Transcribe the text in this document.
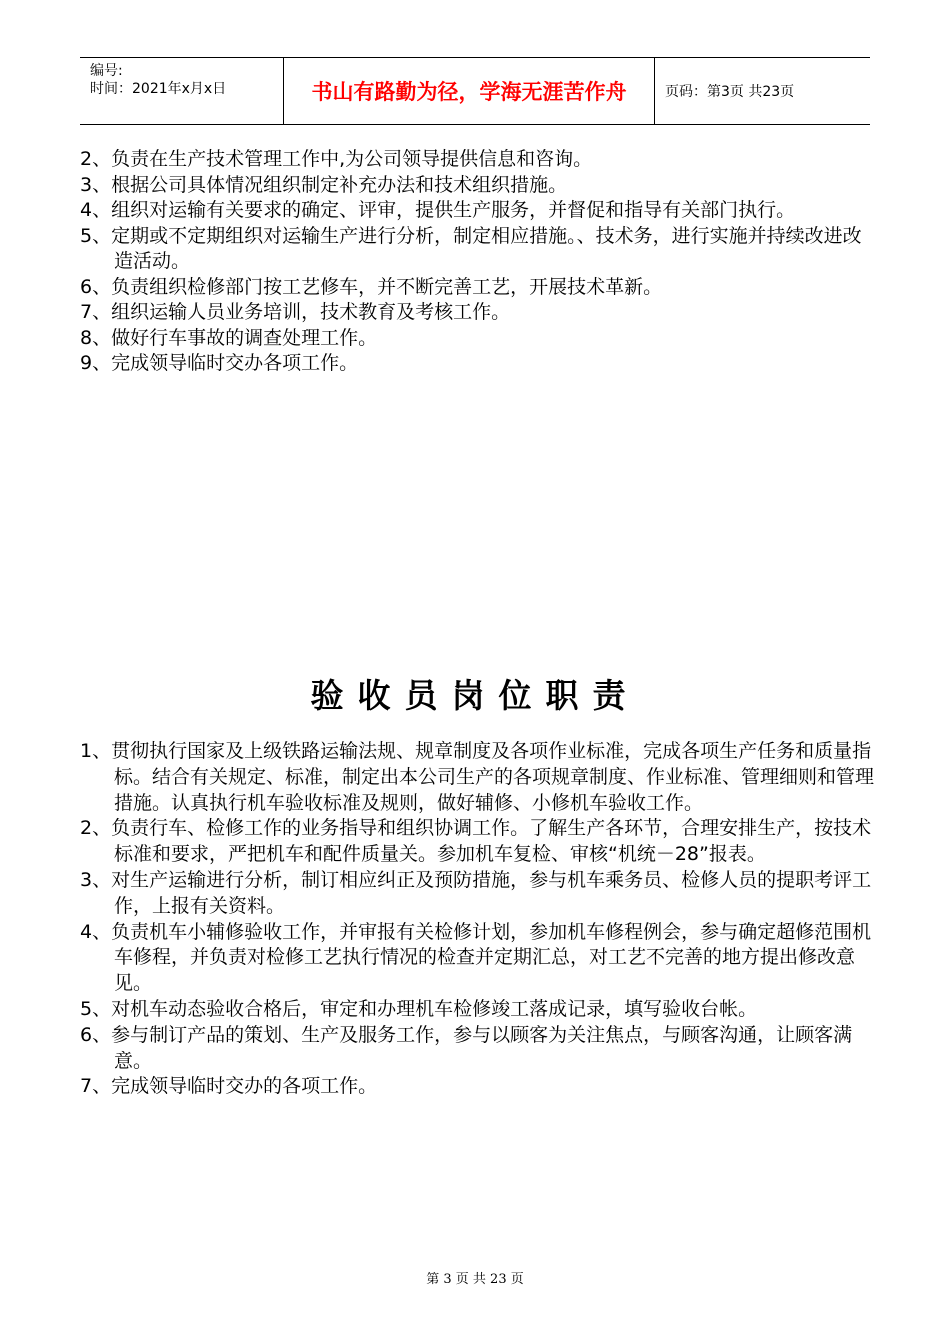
编号:
时间：2021年x月x日	书山有路勤为径，学海无涯苦作舟	页码：第3页 共23页
2、负责在生产技术管理工作中,为公司领导提供信息和咨询。
3、根据公司具体情况组织制定补充办法和技术组织措施。
4、组织对运输有关要求的确定、评审，提供生产服务，并督促和指导有关部门执行。
5、定期或不定期组织对运输生产进行分析，制定相应措施。、技术务，进行实施并持续改进改造活动。
6、负责组织检修部门按工艺修车，并不断完善工艺，开展技术革新。
7、组织运输人员业务培训，技术教育及考核工作。
8、做好行车事故的调查处理工作。
9、完成领导临时交办各项工作。
验收员岗位职责
1、贯彻执行国家及上级铁路运输法规、规章制度及各项作业标准，完成各项生产任务和质量指标。结合有关规定、标准，制定出本公司生产的各项规章制度、作业标准、管理细则和管理措施。认真执行机车验收标准及规则，做好辅修、小修机车验收工作。
2、负责行车、检修工作的业务指导和组织协调工作。了解生产各环节，合理安排生产，按技术标准和要求，严把机车和配件质量关。参加机车复检、审核“机统－28”报表。
3、对生产运输进行分析，制订相应纠正及预防措施，参与机车乘务员、检修人员的提职考评工作，上报有关资料。
4、负责机车小辅修验收工作，并审报有关检修计划，参加机车修程例会，参与确定超修范围机车修程，并负责对检修工艺执行情况的检查并定期汇总，对工艺不完善的地方提出修改意见。
5、对机车动态验收合格后，审定和办理机车检修竣工落成记录，填写验收台帐。
6、参与制订产品的策划、生产及服务工作，参与以顾客为关注焦点，与顾客沟通，让顾客满意。
7、完成领导临时交办的各项工作。
第 3 页 共 23 页
